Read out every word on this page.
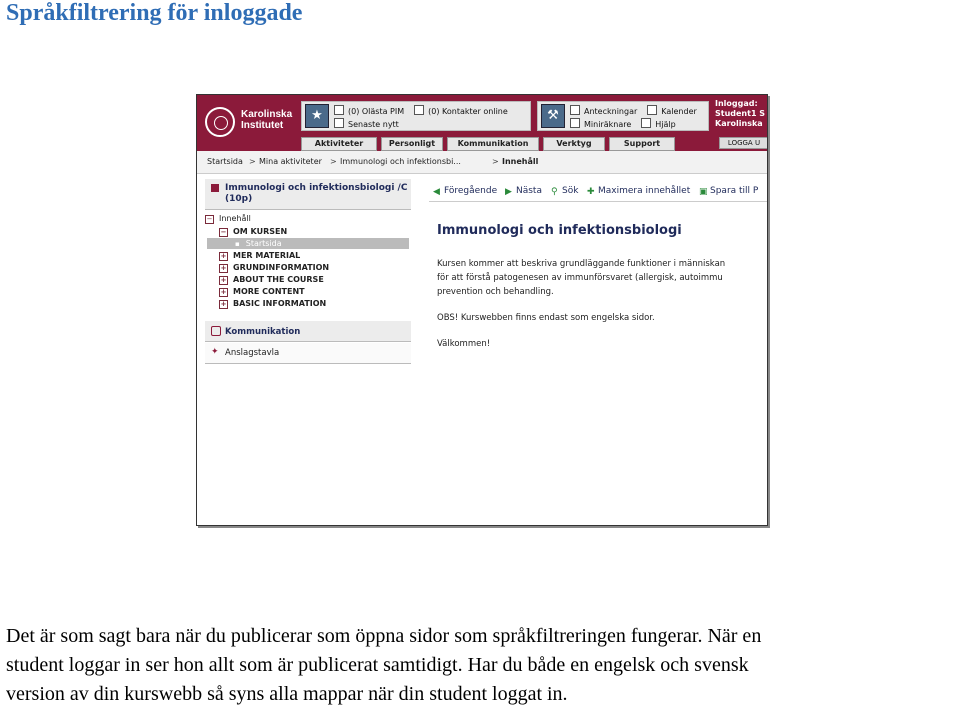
Språkfiltrering för inloggade
Karolinska
Institutet
★	(0) Olästa PIM	(0) Kontakter online
Senaste nytt
⚒	Anteckningar	Kalender
Miniräknare	Hjälp
Inloggad:
Student1 S
Karolinska
LOGGA U
Aktiviteter	Personligt	Kommunikation	Verktyg	Support
Startsida > Mina aktiviteter > Immunologi och infektionsbi...	> Innehåll
Immunologi och infektionsbiologi /C (10p)
− Innehåll
− OM KURSEN
▪ Startsida
+ MER MATERIAL
+ GRUNDINFORMATION
+ ABOUT THE COURSE
+ MORE CONTENT
+ BASIC INFORMATION
Kommunikation
✦ Anslagstavla
◀ Föregående ▶ Nästa ⚲ Sök ✚ Maximera innehållet ▣ Spara till P
Immunologi och infektionsbiologi
Kursen kommer att beskriva grundläggande funktioner i människan
för att förstå patogenesen av immunförsvaret (allergisk, autoimmu
prevention och behandling.
OBS! Kurswebben finns endast som engelska sidor.
Välkommen!
Det är som sagt bara när du publicerar som öppna sidor som språkfiltreringen fungerar. När en
student loggar in ser hon allt som är publicerat samtidigt. Har du både en engelsk och svensk
version av din kurswebb så syns alla mappar när din student loggat in.
